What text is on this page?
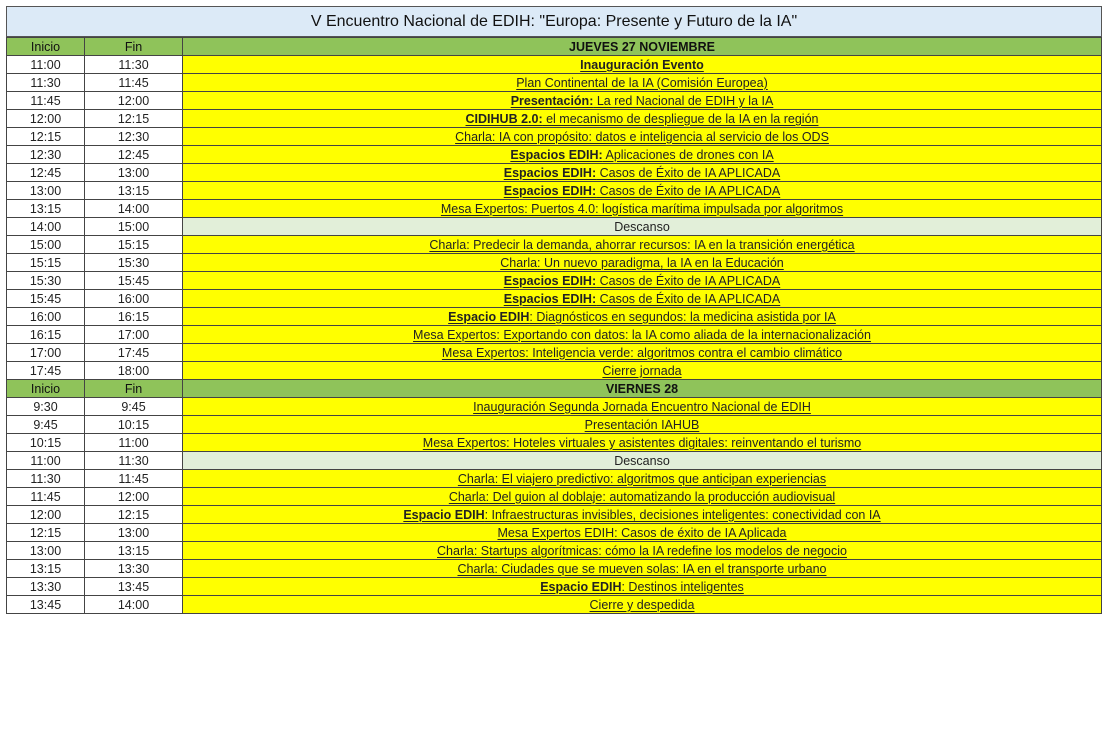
V Encuentro Nacional de EDIH: "Europa: Presente y Futuro de la IA"
Inicio	Fin	JUEVES 27 NOVIEMBRE
11:00	11:30	Inauguración Evento
11:30	11:45	Plan Continental de la IA (Comisión Europea)
11:45	12:00	Presentación: La red Nacional de EDIH y la IA
12:00	12:15	CIDIHUB 2.0: el mecanismo de despliegue de la IA en la región
12:15	12:30	Charla: IA con propósito: datos e inteligencia al servicio de los ODS
12:30	12:45	Espacios EDIH: Aplicaciones de drones con IA
12:45	13:00	Espacios EDIH: Casos de Éxito de IA APLICADA
13:00	13:15	Espacios EDIH: Casos de Éxito de IA APLICADA
13:15	14:00	Mesa Expertos: Puertos 4.0: logística marítima impulsada por algoritmos
14:00	15:00	Descanso
15:00	15:15	Charla: Predecir la demanda, ahorrar recursos: IA en la transición energética
15:15	15:30	Charla: Un nuevo paradigma, la IA en la Educación
15:30	15:45	Espacios EDIH: Casos de Éxito de IA APLICADA
15:45	16:00	Espacios EDIH: Casos de Éxito de IA APLICADA
16:00	16:15	Espacio EDIH: Diagnósticos en segundos: la medicina asistida por IA
16:15	17:00	Mesa Expertos: Exportando con datos: la IA como aliada de la internacionalización
17:00	17:45	Mesa Expertos: Inteligencia verde: algoritmos contra el cambio climático
17:45	18:00	Cierre jornada
Inicio	Fin	VIERNES 28
9:30	9:45	Inauguración Segunda Jornada Encuentro Nacional de EDIH
9:45	10:15	Presentación IAHUB
10:15	11:00	Mesa Expertos: Hoteles virtuales y asistentes digitales: reinventando el turismo
11:00	11:30	Descanso
11:30	11:45	Charla: El viajero predictivo: algoritmos que anticipan experiencias
11:45	12:00	Charla: Del guion al doblaje: automatizando la producción audiovisual
12:00	12:15	Espacio EDIH: Infraestructuras invisibles, decisiones inteligentes: conectividad con IA
12:15	13:00	Mesa Expertos EDIH: Casos de éxito de IA Aplicada
13:00	13:15	Charla: Startups algorítmicas: cómo la IA redefine los modelos de negocio
13:15	13:30	Charla: Ciudades que se mueven solas: IA en el transporte urbano
13:30	13:45	Espacio EDIH: Destinos inteligentes
13:45	14:00	Cierre y despedida
